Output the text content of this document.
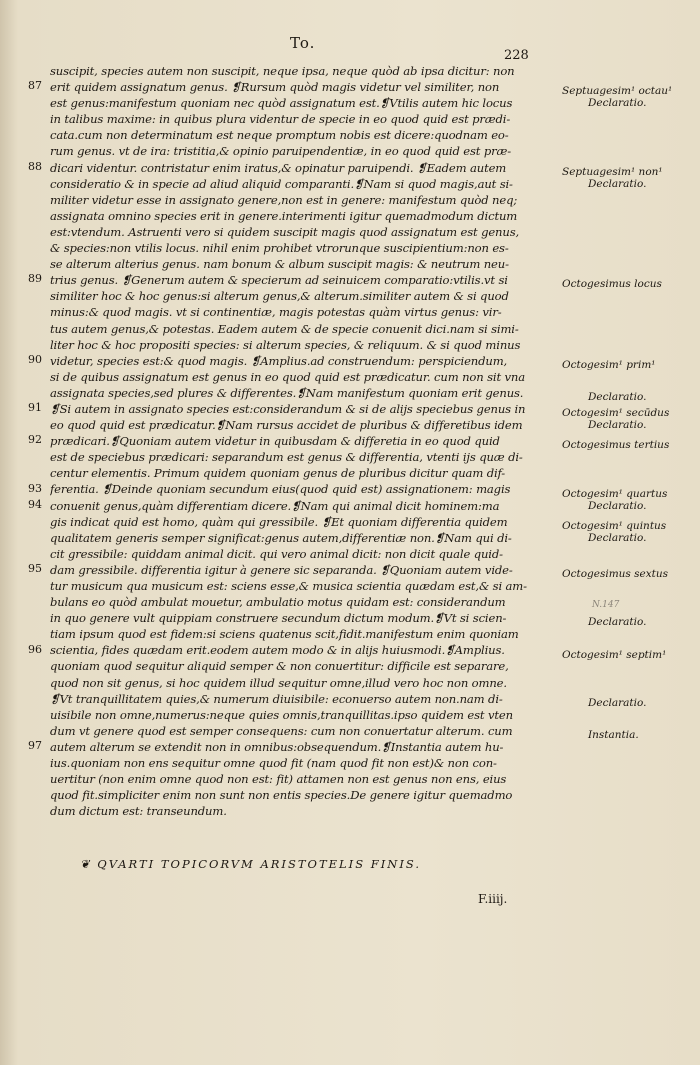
To.
228
87
88
89
90
91
92
93
94
95
96
97
suscipit, species autem non suscipit, neque ipsa, neque quòd ab ipsa dicitur: non
erit quidem assignatum genus. ❡Rursum quòd magis videtur vel similiter, non
est genus:manifestum quoniam nec quòd assignatum est.❡Vtilis autem hic locus
in talibus maxime: in quibus plura videntur de specie in eo quod quid est prædi-
cata.cum non determinatum est neque promptum nobis est dicere:quodnam eo-
rum genus. vt de ira: tristitia,& opinio paruipendentiæ, in eo quod quid est præ-
dicari videntur. contristatur enim iratus,& opinatur paruipendi. ❡Eadem autem
consideratio & in specie ad aliud aliquid comparanti.❡Nam si quod magis,aut si-
militer videtur esse in assignato genere,non est in genere: manifestum quòd neq;
assignata omnino species erit in genere.interimenti igitur quemadmodum dictum
est:vtendum. Astruenti vero si quidem suscipit magis quod assignatum est genus,
& species:non vtilis locus. nihil enim prohibet vtrorunque suscipientium:non es-
se alterum alterius genus. nam bonum & album suscipit magis: & neutrum neu-
trius genus. ❡Generum autem & specierum ad seinuicem comparatio:vtilis.vt si
similiter hoc & hoc genus:si alterum genus,& alterum.similiter autem & si quod
minus:& quod magis. vt si continentiæ, magis potestas quàm virtus genus: vir-
tus autem genus,& potestas. Eadem autem & de specie conuenit dici.nam si simi-
liter hoc & hoc propositi species: si alterum species, & reliquum. & si quod minus
videtur, species est:& quod magis. ❡Amplius.ad construendum: perspiciendum,
si de quibus assignatum est genus in eo quod quid est prædicatur. cum non sit vna
assignata species,sed plures & differentes.❡Nam manifestum quoniam erit genus.
❡Si autem in assignato species est:considerandum & si de alijs speciebus genus in
eo quod quid est prædicatur.❡Nam rursus accidet de pluribus & differetibus idem
prædicari.❡Quoniam autem videtur in quibusdam & differetia in eo quod quid
est de speciebus prædicari: separandum est genus & differentia, vtenti ijs quæ di-
centur elementis. Primum quidem quoniam genus de pluribus dicitur quam dif-
ferentia. ❡Deinde quoniam secundum eius(quod quid est) assignationem: magis
conuenit genus,quàm differentiam dicere.❡Nam qui animal dicit hominem:ma
gis indicat quid est homo, quàm qui gressibile. ❡Et quoniam differentia quidem
qualitatem generis semper significat:genus autem,differentiæ non.❡Nam qui di-
cit gressibile: quiddam animal dicit. qui vero animal dicit: non dicit quale quid-
dam gressibile. differentia igitur à genere sic separanda. ❡Quoniam autem vide-
tur musicum qua musicum est: sciens esse,& musica scientia quædam est,& si am-
bulans eo quòd ambulat mouetur, ambulatio motus quidam est: considerandum
in quo genere vult quippiam construere secundum dictum modum.❡Vt si scien-
tiam ipsum quod est fidem:si sciens quatenus scit,fidit.manifestum enim quoniam
scientia, fides quædam erit.eodem autem modo & in alijs huiusmodi.❡Amplius.
quoniam quod sequitur aliquid semper & non conuertitur: difficile est separare,
quod non sit genus, si hoc quidem illud sequitur omne,illud vero hoc non omne.
❡Vt tranquillitatem quies,& numerum diuisibile: econuerso autem non.nam di-
uisibile non omne,numerus:neque quies omnis,tranquillitas.ipso quidem est vten
dum vt genere quod est semper consequens: cum non conuertatur alterum. cum
autem alterum se extendit non in omnibus:obsequendum.❡Instantia autem hu-
ius.quoniam non ens sequitur omne quod fit (nam quod fit non est)& non con-
uertitur (non enim omne quod non est: fit) attamen non est genus non ens, eius
quod fit.simpliciter enim non sunt non entis species.De genere igitur quemadmo
dum dictum est: transeundum.
Septuagesim¹ octau¹
Declaratio.
Septuagesim¹ non¹
Declaratio.
Octogesimus locus
Octogesim¹ prim¹
Declaratio.
Octogesim¹ secūdus
Declaratio.
Octogesimus tertius
Octogesim¹ quartus
Declaratio.
Octogesim¹ quintus
Declaratio.
Octogesimus sextus
Declaratio.
Octogesim¹ septim¹
Declaratio.
Instantia.
N.147
❦ QVARTI TOPICORVM ARISTOTELIS FINIS.
F.iiij.
